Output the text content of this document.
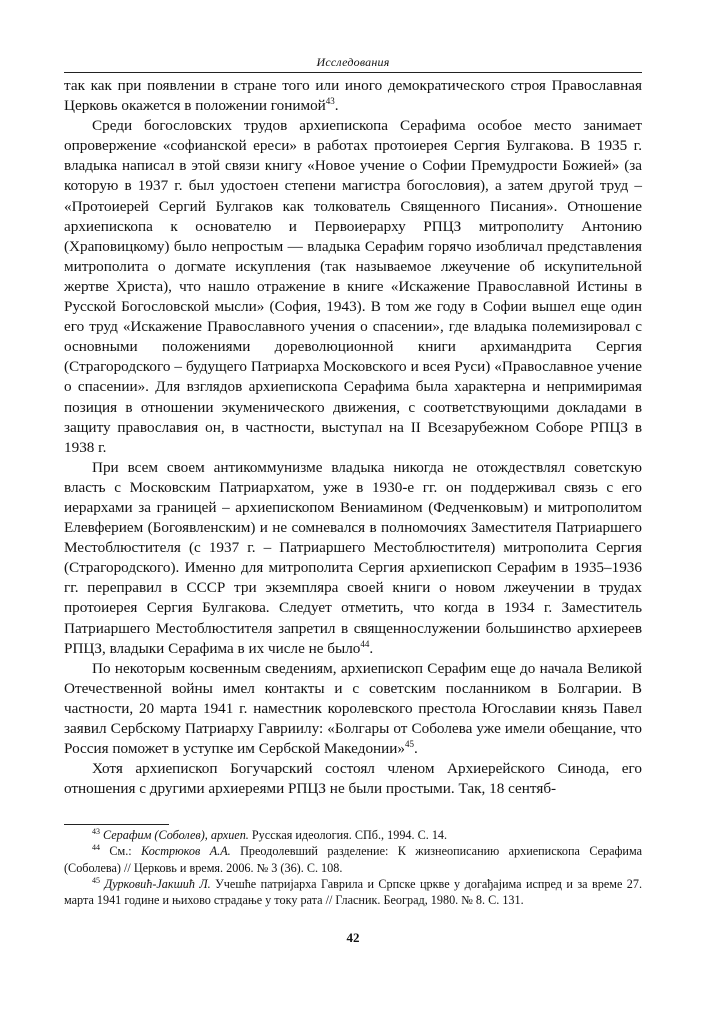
Исследования

так как при появлении в стране того или иного демократического строя Православная Церковь окажется в положении гонимой$^{43}$.

Среди богословских трудов архиепископа Серафима особое место занимает опровержение «софианской ереси» в работах протоиерея Сергия Булгакова. В 1935 г. владыка написал в этой связи книгу «Новое учение о Софии Премудрости Божией» (за которую в 1937 г. был удостоен степени магистра богословия), а затем другой труд – «Протоиерей Сергий Булгаков как толкователь Священного Писания». Отношение архиепископа к основателю и Первоиерарху РПЦЗ митрополиту Антонию (Храповицкому) было непростым — владыка Серафим горячо изобличал представления митрополита о догмате искупления (так называемое лжеучение об искупительной жертве Христа), что нашло отражение в книге «Искажение Православной Истины в Русской Богословской мысли» (София, 1943). В том же году в Софии вышел еще один его труд «Искажение Православного учения о спасении», где владыка полемизировал с основными положениями дореволюционной книги архимандрита Сергия (Страгородского – будущего Патриарха Московского и всея Руси) «Православное учение о спасении». Для взглядов архиепископа Серафима была характерна и непримиримая позиция в отношении экуменического движения, с соответствующими докладами в защиту православия он, в частности, выступал на II Всезарубежном Соборе РПЦЗ в 1938 г.

При всем своем антикоммунизме владыка никогда не отождествлял советскую власть с Московским Патриархатом, уже в 1930-е гг. он поддерживал связь с его иерархами за границей – архиепископом Вениамином (Федченковым) и митрополитом Елевферием (Богоявленским) и не сомневался в полномочиях Заместителя Патриаршего Местоблюстителя (с 1937 г. – Патриаршего Местоблюстителя) митрополита Сергия (Страгородского). Именно для митрополита Сергия архиепископ Серафим в 1935–1936 гг. переправил в СССР три экземпляра своей книги о новом лжеучении в трудах протоиерея Сергия Булгакова. Следует отметить, что когда в 1934 г. Заместитель Патриаршего Местоблюстителя запретил в священнослужении большинство архиереев РПЦЗ, владыки Серафима в их числе не было$^{44}$.

По некоторым косвенным сведениям, архиепископ Серафим еще до начала Великой Отечественной войны имел контакты и с советским посланником в Болгарии. В частности, 20 марта 1941 г. наместник королевского престола Югославии князь Павел заявил Сербскому Патриарху Гавриилу: «Болгары от Соболева уже имели обещание, что Россия поможет в уступке им Сербской Македонии»$^{45}$.

Хотя архиепископ Богучарский состоял членом Архиерейского Синода, его отношения с другими архиереями РПЦЗ не были простыми. Так, 18 сентяб-

$^{43}$ Серафим (Соболев), архиеп. Русская идеология. СПб., 1994. С. 14.

$^{44}$ См.: Кострюков А.А. Преодолевший разделение: К жизнеописанию архиепископа Серафима (Соболева) // Церковь и время. 2006. № 3 (36). С. 108.

$^{45}$ Дурковић-Јакшић Л. Учешће патријарха Гаврила и Српске цркве у догађајима испред и за време 27. марта 1941 године и њихово страдање у току рата // Гласник. Београд, 1980. № 8. С. 131.

42
